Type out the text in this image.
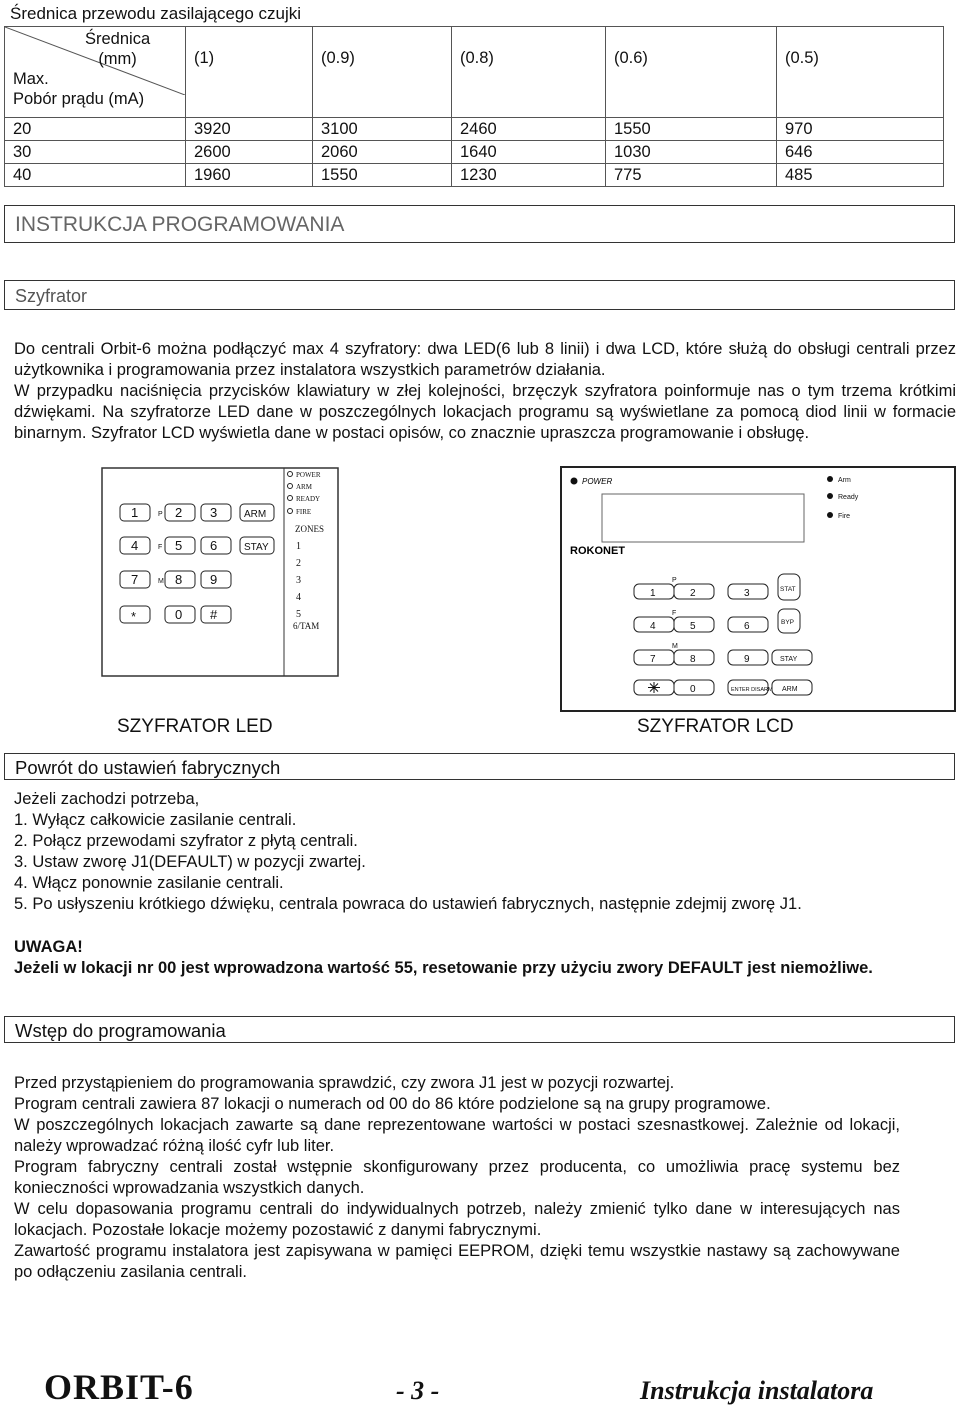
Średnica przewodu zasilającego czujki
Średnica
(mm)
Max.
Pobór prądu (mA)	(1)	(0.9)	(0.8)	(0.6)	(0.5)
20	3920	3100	2460	1550	970
30	2600	2060	1640	1030	646
40	1960	1550	1230	775	485
INSTRUKCJA PROGRAMOWANIA
Szyfrator
Do centrali Orbit-6 można podłączyć max 4 szyfratory: dwa LED(6 lub 8 linii) i dwa LCD, które służą do obsługi centrali przez użytkownika i programowania przez instalatora wszystkich parametrów działania.
W przypadku naciśnięcia przycisków klawiatury w złej kolejności, brzęczyk szyfratora poinformuje nas o tym trzema krótkimi dźwiękami. Na szyfratorze LED dane w poszczególnych lokacjach programu są wyświetlane za pomocą diod linii w formacie binarnym. Szyfrator LCD wyświetla dane w postaci opisów, co znacznie upraszcza programowanie i obsługę.
1	P 2 3	ARM
4	F 5 6	STAY
7	M 8 9
*	0 #
POWER
ARM
READY
FIRE
ZONES
1
2
3
4
5
6/TAM
SZYFRATOR LED
POWER	Arm
Ready
Fire
ROKONET
P
F
M
1	2	3	STAT
4	5	6	BYP
7	8	9	STAY
0	ENTER DISARM ARM
SZYFRATOR LCD
Powrót do ustawień fabrycznych
Jeżeli zachodzi potrzeba,
1. Wyłącz całkowicie zasilanie centrali.
2. Połącz przewodami szyfrator z płytą centrali.
3. Ustaw zworę J1(DEFAULT) w pozycji zwartej.
4. Włącz ponownie zasilanie centrali.
5. Po usłyszeniu krótkiego dźwięku, centrala powraca do ustawień fabrycznych, następnie zdejmij zworę J1.
UWAGA!
Jeżeli w lokacji nr 00 jest wprowadzona wartość 55, resetowanie przy użyciu zwory DEFAULT jest niemożliwe.
Wstęp do programowania
Przed przystąpieniem do programowania sprawdzić, czy zwora J1 jest w pozycji rozwartej.
Program centrali zawiera 87 lokacji o numerach od 00 do 86 które podzielone są na grupy programowe.
W poszczególnych lokacjach zawarte są dane reprezentowane wartości w postaci szesnastkowej. Zależnie od lokacji, należy wprowadzać różną ilość cyfr lub liter.
Program fabryczny centrali został wstępnie skonfigurowany przez producenta, co umożliwia pracę systemu bez konieczności wprowadzania wszystkich danych.
W celu dopasowania programu centrali do indywidualnych potrzeb, należy zmienić tylko dane w interesujących nas lokacjach. Pozostałe lokacje możemy pozostawić z danymi fabrycznymi.
Zawartość programu instalatora jest zapisywana w pamięci EEPROM, dzięki temu wszystkie nastawy są zachowywane po odłączeniu zasilania centrali.
ORBIT-6	- 3 -	Instrukcja instalatora
